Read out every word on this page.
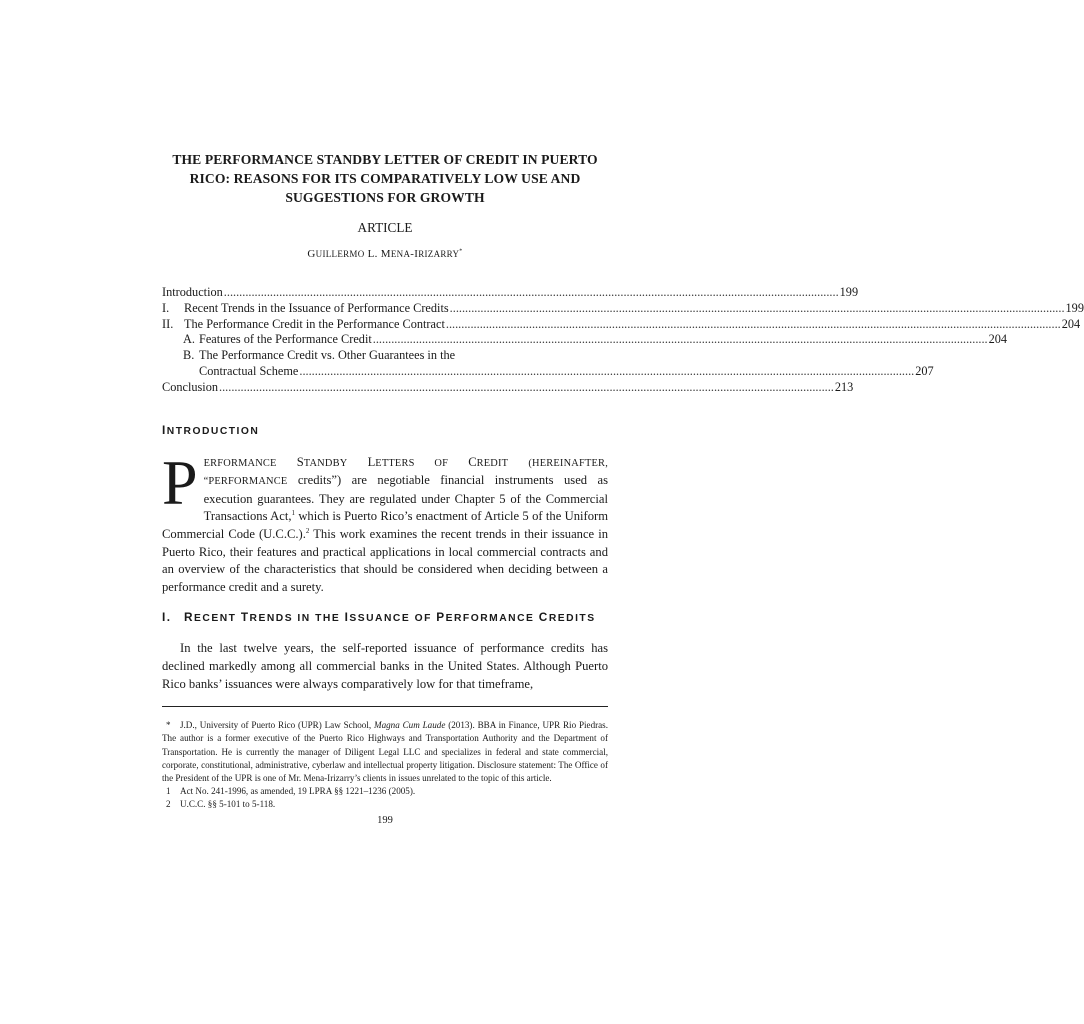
THE PERFORMANCE STANDBY LETTER OF CREDIT IN PUERTO
RICO: REASONS FOR ITS COMPARATIVELY LOW USE AND
SUGGESTIONS FOR GROWTH
ARTICLE
GUILLERMO L. MENA-IRIZARRY*
Introduction ........................................................................................................................................................................................................ 199
I.	Recent Trends in the Issuance of Performance Credits ........................................................................................................................................................................................................ 199
II. The Performance Credit in the Performance Contract ........................................................................................................................................................................................................ 204
A. Features of the Performance Credit ........................................................................................................................................................................................................ 204
B. The Performance Credit vs. Other Guarantees in the
Contractual Scheme ........................................................................................................................................................................................................ 207
Conclusion ........................................................................................................................................................................................................ 213
INTRODUCTION

PERFORMANCE STANDBY LETTERS OF CREDIT (HEREINAFTER, “PERFORMANCE credits”) are negotiable financial instruments used as execution guarantees. They are regulated under Chapter 5 of the Commercial Transactions Act,$^1$ which is Puerto Rico’s enactment of Article 5 of the Uniform Commercial Code (U.C.C.).$^2$ This work examines the recent trends in their issuance in Puerto Rico, their features and practical applications in local commercial contracts and an overview of the characteristics that should be considered when deciding between a performance credit and a surety.

I.	RECENT TRENDS IN THE ISSUANCE OF PERFORMANCE CREDITS

In the last twelve years, the self-reported issuance of performance credits has declined markedly among all commercial banks in the United States. Although Puerto Rico banks’ issuances were always comparatively low for that timeframe,

* J.D., University of Puerto Rico (UPR) Law School, Magna Cum Laude (2013). BBA in Finance, UPR Rio Piedras. The author is a former executive of the Puerto Rico Highways and Transportation Authority and the Department of Transportation. He is currently the manager of Diligent Legal LLC and specializes in federal and state commercial, corporate, constitutional, administrative, cyberlaw and intellectual property litigation. Disclosure statement: The Office of the President of the UPR is one of Mr. Mena-Irizarry’s clients in issues unrelated to the topic of this article.

1 Act No. 241-1996, as amended, 19 LPRA §§ 1221–1236 (2005).

2 U.C.C. §§ 5-101 to 5-118.

199
